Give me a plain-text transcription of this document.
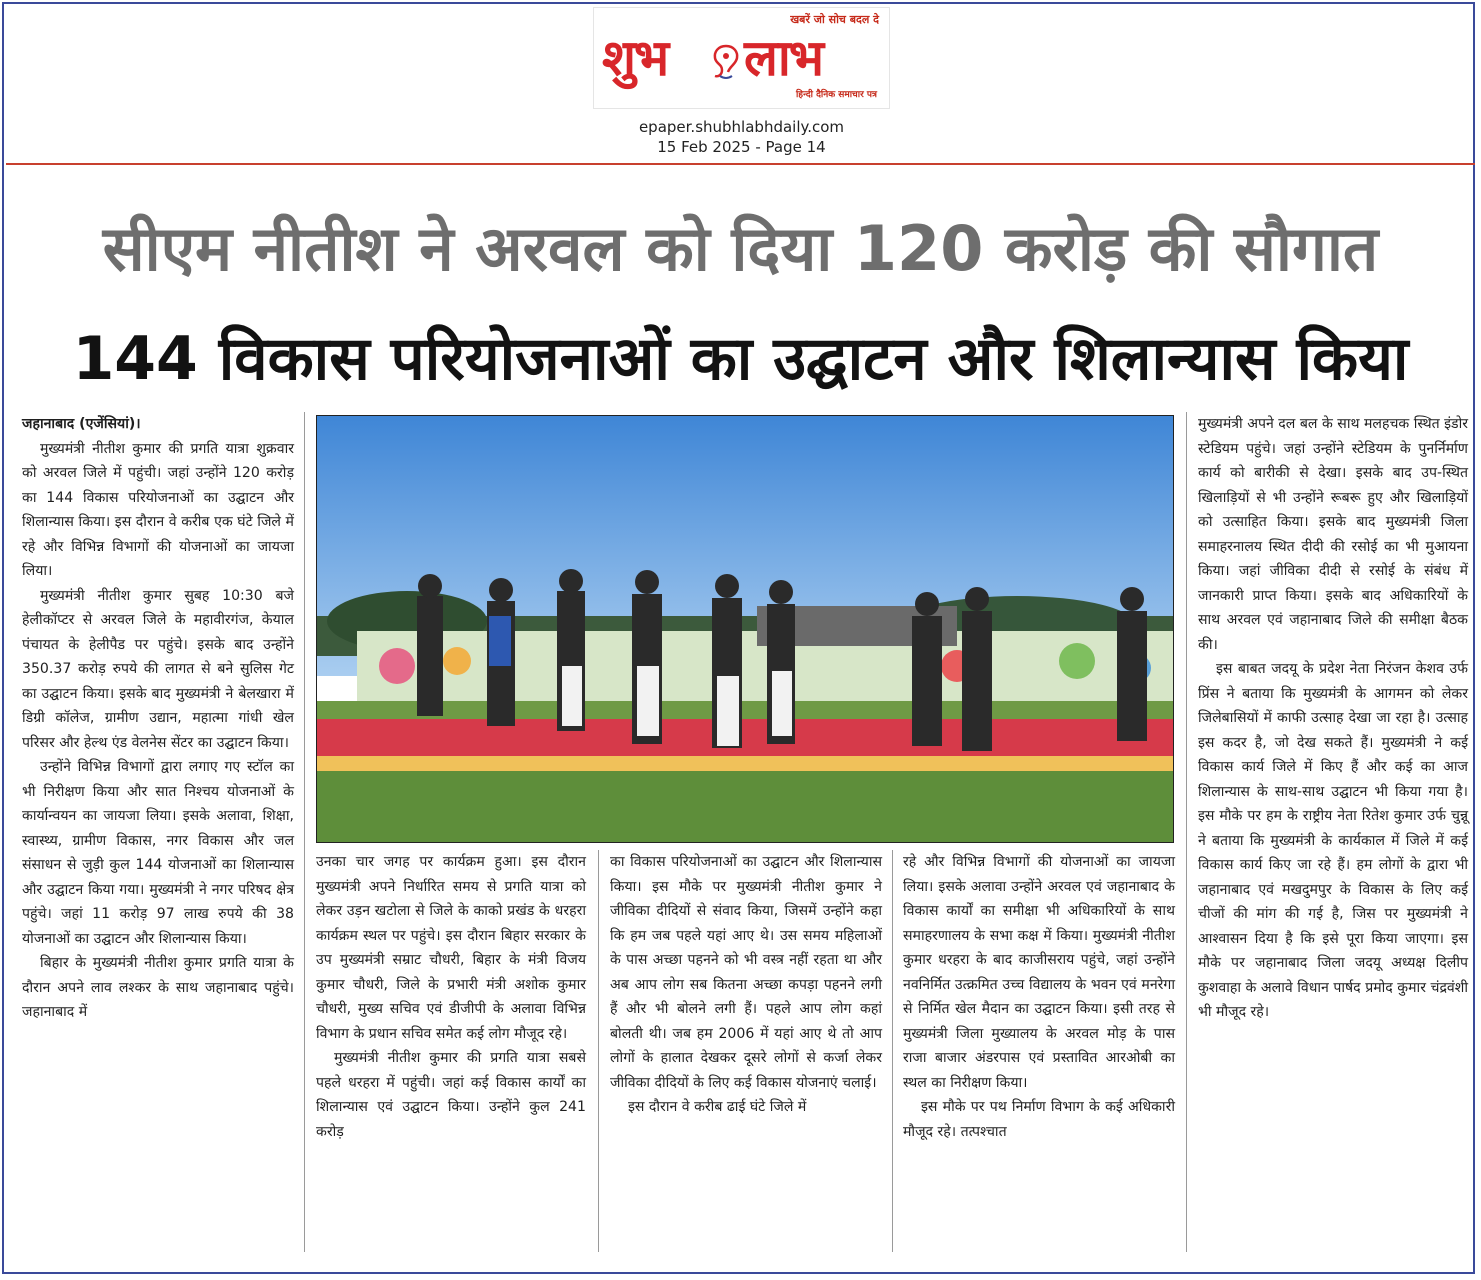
खबरें जो सोच बदल दे
शुभ लाभ
हिन्दी दैनिक समाचार पत्र
epaper.shubhlabhdaily.com
15 Feb 2025 - Page 14
सीएम नीतीश ने अरवल को दिया 120 करोड़ की सौगात
144 विकास परियोजनाओं का उद्घाटन और शिलान्यास किया

जहानाबाद (एजेंसियां)।

मुख्यमंत्री नीतीश कुमार की प्रगति यात्रा शुक्रवार को अरवल जिले में पहुंची। जहां उन्होंने 120 करोड़ का 144 विकास परियोजनाओं का उद्घाटन और शिलान्यास किया। इस दौरान वे करीब एक घंटे जिले में रहे और विभिन्न विभागों की योजनाओं का जायजा लिया।

मुख्यमंत्री नीतीश कुमार सुबह 10:30 बजे हेलीकॉप्टर से अरवल जिले के महावीरगंज, केयाल पंचायत के हेलीपैड पर पहुंचे। इसके बाद उन्होंने 350.37 करोड़ रुपये की लागत से बने सुलिस गेट का उद्घाटन किया। इसके बाद मुख्यमंत्री ने बेलखारा में डिग्री कॉलेज, ग्रामीण उद्यान, महात्मा गांधी खेल परिसर और हेल्थ एंड वेलनेस सेंटर का उद्घाटन किया।

उन्होंने विभिन्न विभागों द्वारा लगाए गए स्टॉल का भी निरीक्षण किया और सात निश्चय योजनाओं के कार्यान्वयन का जायजा लिया। इसके अलावा, शिक्षा, स्वास्थ्य, ग्रामीण विकास, नगर विकास और जल संसाधन से जुड़ी कुल 144 योजनाओं का शिलान्यास और उद्घाटन किया गया। मुख्यमंत्री ने नगर परिषद क्षेत्र पहुंचे। जहां 11 करोड़ 97 लाख रुपये की 38 योजनाओं का उद्घाटन और शिलान्यास किया।

बिहार के मुख्यमंत्री नीतीश कुमार प्रगति यात्रा के दौरान अपने लाव लश्कर के साथ जहानाबाद पहुंचे। जहानाबाद में

उनका चार जगह पर कार्यक्रम हुआ। इस दौरान मुख्यमंत्री अपने निर्धारित समय से प्रगति यात्रा को लेकर उड़न खटोला से जिले के काको प्रखंड के धरहरा कार्यक्रम स्थल पर पहुंचे। इस दौरान बिहार सरकार के उप मुख्यमंत्री सम्राट चौधरी, बिहार के मंत्री विजय कुमार चौधरी, जिले के प्रभारी मंत्री अशोक कुमार चौधरी, मुख्य सचिव एवं डीजीपी के अलावा विभिन्न विभाग के प्रधान सचिव समेत कई लोग मौजूद रहे।

मुख्यमंत्री नीतीश कुमार की प्रगति यात्रा सबसे पहले धरहरा में पहुंची। जहां कई विकास कार्यों का शिलान्यास एवं उद्घाटन किया। उन्होंने कुल 241 करोड़

का विकास परियोजनाओं का उद्घाटन और शिलान्यास किया। इस मौके पर मुख्यमंत्री नीतीश कुमार ने जीविका दीदियों से संवाद किया, जिसमें उन्होंने कहा कि हम जब पहले यहां आए थे। उस समय महिलाओं के पास अच्छा पहनने को भी वस्त्र नहीं रहता था और अब आप लोग सब कितना अच्छा कपड़ा पहनने लगी हैं और भी बोलने लगी हैं। पहले आप लोग कहां बोलती थी। जब हम 2006 में यहां आए थे तो आप लोगों के हालात देखकर दूसरे लोगों से कर्जा लेकर जीविका दीदियों के लिए कई विकास योजनाएं चलाई।

इस दौरान वे करीब ढाई घंटे जिले में

रहे और विभिन्न विभागों की योजनाओं का जायजा लिया। इसके अलावा उन्होंने अरवल एवं जहानाबाद के विकास कार्यों का समीक्षा भी अधिकारियों के साथ समाहरणालय के सभा कक्ष में किया। मुख्यमंत्री नीतीश कुमार धरहरा के बाद काजीसराय पहुंचे, जहां उन्होंने नवनिर्मित उत्क्रमित उच्च विद्यालय के भवन एवं मनरेगा से निर्मित खेल मैदान का उद्घाटन किया। इसी तरह से मुख्यमंत्री जिला मुख्यालय के अरवल मोड़ के पास राजा बाजार अंडरपास एवं प्रस्तावित आरओबी का स्थल का निरीक्षण किया।

इस मौके पर पथ निर्माण विभाग के कई अधिकारी मौजूद रहे। तत्पश्चात

मुख्यमंत्री अपने दल बल के साथ मलहचक स्थित इंडोर स्टेडियम पहुंचे। जहां उन्होंने स्टेडियम के पुनर्निर्माण कार्य को बारीकी से देखा। इसके बाद उप-स्थित खिलाड़ियों से भी उन्होंने रूबरू हुए और खिलाड़ियों को उत्साहित किया। इसके बाद मुख्यमंत्री जिला समाहरनालय स्थित दीदी की रसोई का भी मुआयना किया। जहां जीविका दीदी से रसोई के संबंध में जानकारी प्राप्त किया। इसके बाद अधिकारियों के साथ अरवल एवं जहानाबाद जिले की समीक्षा बैठक की।

इस बाबत जदयू के प्रदेश नेता निरंजन केशव उर्फ प्रिंस ने बताया कि मुख्यमंत्री के आगमन को लेकर जिलेबासियों में काफी उत्साह देखा जा रहा है। उत्साह इस कदर है, जो देख सकते हैं। मुख्यमंत्री ने कई विकास कार्य जिले में किए हैं और कई का आज शिलान्यास के साथ-साथ उद्घाटन भी किया गया है। इस मौके पर हम के राष्ट्रीय नेता रितेश कुमार उर्फ चुन्नू ने बताया कि मुख्यमंत्री के कार्यकाल में जिले में कई विकास कार्य किए जा रहे हैं। हम लोगों के द्वारा भी जहानाबाद एवं मखदुमपुर के विकास के लिए कई चीजों की मांग की गई है, जिस पर मुख्यमंत्री ने आश्वासन दिया है कि इसे पूरा किया जाएगा। इस मौके पर जहानाबाद जिला जदयू अध्यक्ष दिलीप कुशवाहा के अलावे विधान पार्षद प्रमोद कुमार चंद्रवंशी भी मौजूद रहे।
